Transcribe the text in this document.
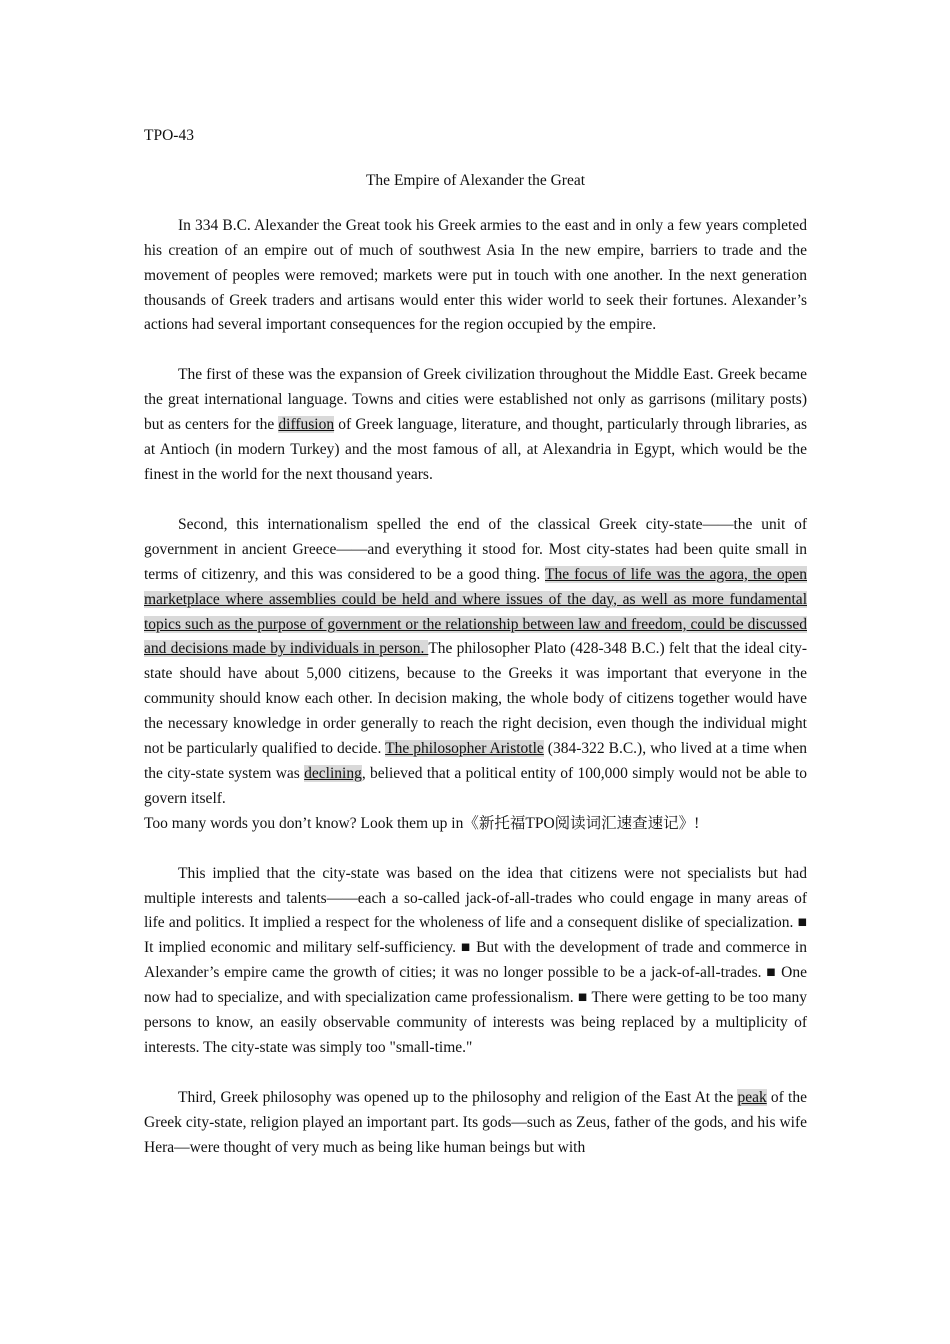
TPO-43
The Empire of Alexander the Great

In 334 B.C. Alexander the Great took his Greek armies to the east and in only a few years completed his creation of an empire out of much of southwest Asia In the new empire, barriers to trade and the movement of peoples were removed; markets were put in touch with one another. In the next generation thousands of Greek traders and artisans would enter this wider world to seek their fortunes. Alexander’s actions had several important consequences for the region occupied by the empire.

The first of these was the expansion of Greek civilization throughout the Middle East. Greek became the great international language. Towns and cities were established not only as garrisons (military posts) but as centers for the diffusion of Greek language, literature, and thought, particularly through libraries, as at Antioch (in modern Turkey) and the most famous of all, at Alexandria in Egypt, which would be the finest in the world for the next thousand years.

Second, this internationalism spelled the end of the classical Greek city-state——the unit of government in ancient Greece——and everything it stood for. Most city-states had been quite small in terms of citizenry, and this was considered to be a good thing. The focus of life was the agora, the open marketplace where assemblies could be held and where issues of the day, as well as more fundamental topics such as the purpose of government or the relationship between law and freedom, could be discussed and decisions made by individuals in person. The philosopher Plato (428-348 B.C.) felt that the ideal city-state should have about 5,000 citizens, because to the Greeks it was important that everyone in the community should know each other. In decision making, the whole body of citizens together would have the necessary knowledge in order generally to reach the right decision, even though the individual might not be particularly qualified to decide. The philosopher Aristotle (384-322 B.C.), who lived at a time when the city-state system was declining, believed that a political entity of 100,000 simply would not be able to govern itself.

Too many words you don’t know? Look them up in《新托福TPO阅读词汇速查速记》!

This implied that the city-state was based on the idea that citizens were not specialists but had multiple interests and talents——each a so-called jack-of-all-trades who could engage in many areas of life and politics. It implied a respect for the wholeness of life and a consequent dislike of specialization. ■ It implied economic and military self-sufficiency. ■ But with the development of trade and commerce in Alexander’s empire came the growth of cities; it was no longer possible to be a jack-of-all-trades. ■ One now had to specialize, and with specialization came professionalism. ■ There were getting to be too many persons to know, an easily observable community of interests was being replaced by a multiplicity of interests. The city-state was simply too "small-time."

Third, Greek philosophy was opened up to the philosophy and religion of the East At the peak of the Greek city-state, religion played an important part. Its gods—such as Zeus, father of the gods, and his wife Hera—were thought of very much as being like human beings but with
